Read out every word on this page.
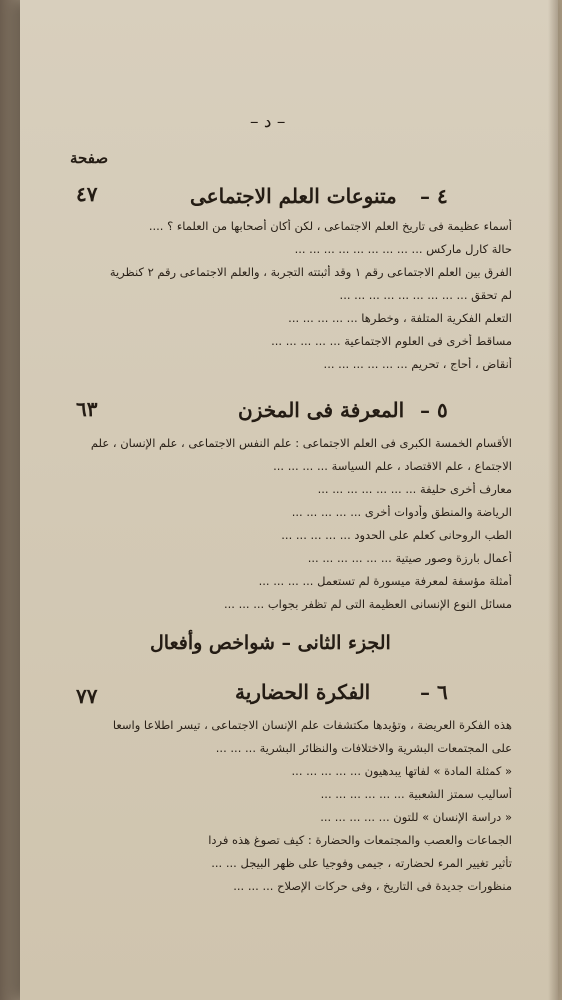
– د –
صفحة
متنوعات العلم الاجتماعى ٤ –
٤٧
أسماء عظيمة فى تاريخ العلم الاجتماعى ، لكن أكان أصحابها من العلماء ؟ ....
حالة كارل ماركس ... ... ... ... ... ... ... ... ...
الفرق بين العلم الاجتماعى رقم ١ وقد أثبتته التجربة ، والعلم الاجتماعى رقم ٢ كنظرية
لم تحقق ... ... ... ... ... ... ... ... ...
التعلم الفكرية المتلفة ، وخطرها ... ... ... ... ...
مساقط أخرى فى العلوم الاجتماعية ... ... ... ... ...
أنقاض ، أحاج ، تحريم ... ... ... ... ... ...
المعرفة فى المخزن ٥ –
٦٣
الأقسام الخمسة الكبرى فى العلم الاجتماعى : علم النفس الاجتماعى ، علم الإنسان ، علم
الاجتماع ، علم الاقتصاد ، علم السياسة ... ... ... ...
معارف أخرى حليفة ... ... ... ... ... ... ...
الرياضة والمنطق وأدوات أخرى ... ... ... ... ...
الطب الروحانى كعلم على الحدود ... ... ... ... ...
أعمال بارزة وصور صيتية ... ... ... ... ... ...
أمثلة مؤسفة لمعرفة ميسورة لم تستعمل ... ... ... ...
مسائل النوع الإنسانى العظيمة التى لم تظفر بجواب ... ... ...
الجزء الثانى – شواخص وأفعال
الفكرة الحضارية ٦ –
٧٧
هذه الفكرة العريضة ، وتؤيدها مكتشفات علم الإنسان الاجتماعى ، تيسر اطلاعا واسعا
على المجتمعات البشرية والاختلافات والنظائر البشرية ... ... ...
« كمثلة المادة » لفاتها يبدهيون ... ... ... ... ...
أساليب سمتز الشعبية ... ... ... ... ... ...
« دراسة الإنسان » للتون ... ... ... ... ...
الجماعات والعصب والمجتمعات والحضارة : كيف تصوغ هذه فردا
تأثير تغيير المرء لحضارته ، جيمى وفوجيا على ظهر البيجل ... ...
منظورات جديدة فى التاريخ ، وفى حركات الإصلاح ... ... ...
